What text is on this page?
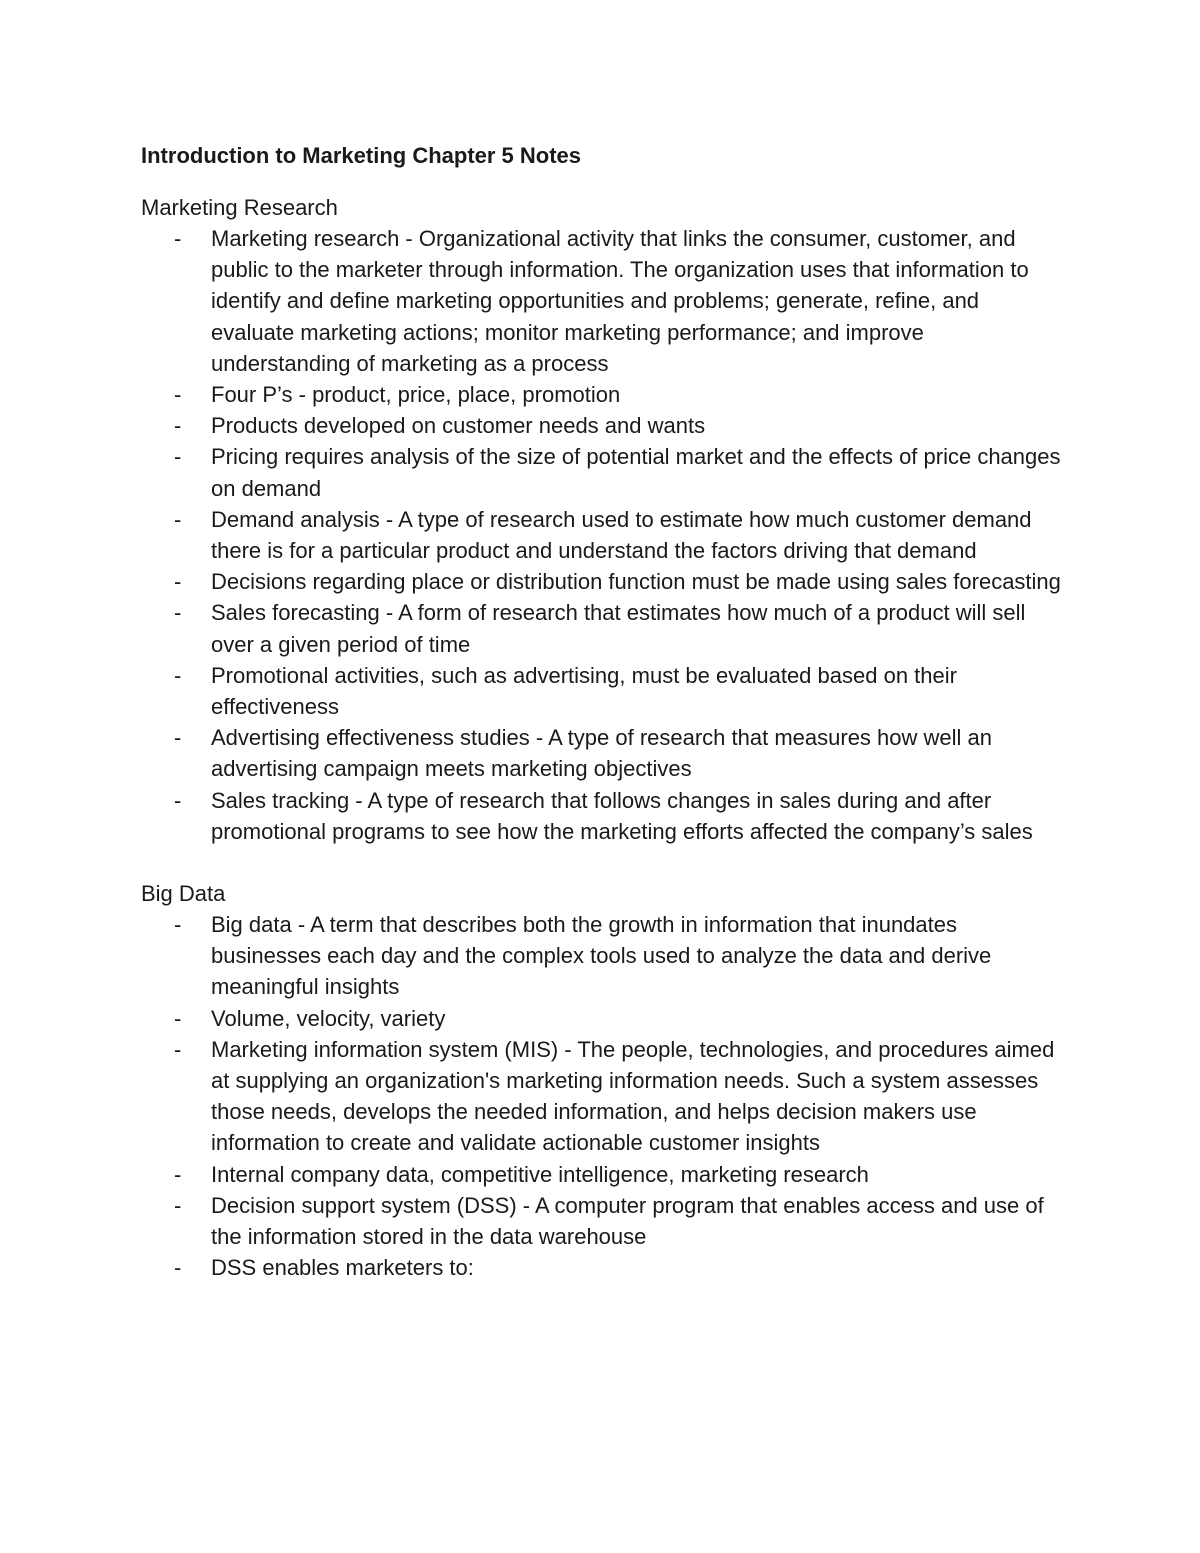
Introduction to Marketing Chapter 5 Notes
Marketing Research
- Marketing research - Organizational activity that links the consumer, customer, and public to the marketer through information. The organization uses that information to identify and define marketing opportunities and problems; generate, refine, and evaluate marketing actions; monitor marketing performance; and improve understanding of marketing as a process
- Four P’s - product, price, place, promotion
- Products developed on customer needs and wants
- Pricing requires analysis of the size of potential market and the effects of price changes on demand
- Demand analysis - A type of research used to estimate how much customer demand there is for a particular product and understand the factors driving that demand
- Decisions regarding place or distribution function must be made using sales forecasting
- Sales forecasting - A form of research that estimates how much of a product will sell over a given period of time
- Promotional activities, such as advertising, must be evaluated based on their effectiveness
- Advertising effectiveness studies - A type of research that measures how well an advertising campaign meets marketing objectives
- Sales tracking - A type of research that follows changes in sales during and after promotional programs to see how the marketing efforts affected the company’s sales
Big Data
- Big data - A term that describes both the growth in information that inundates businesses each day and the complex tools used to analyze the data and derive meaningful insights
- Volume, velocity, variety
- Marketing information system (MIS) - The people, technologies, and procedures aimed at supplying an organization's marketing information needs. Such a system assesses those needs, develops the needed information, and helps decision makers use information to create and validate actionable customer insights
- Internal company data, competitive intelligence, marketing research
- Decision support system (DSS) - A computer program that enables access and use of the information stored in the data warehouse
- DSS enables marketers to:
